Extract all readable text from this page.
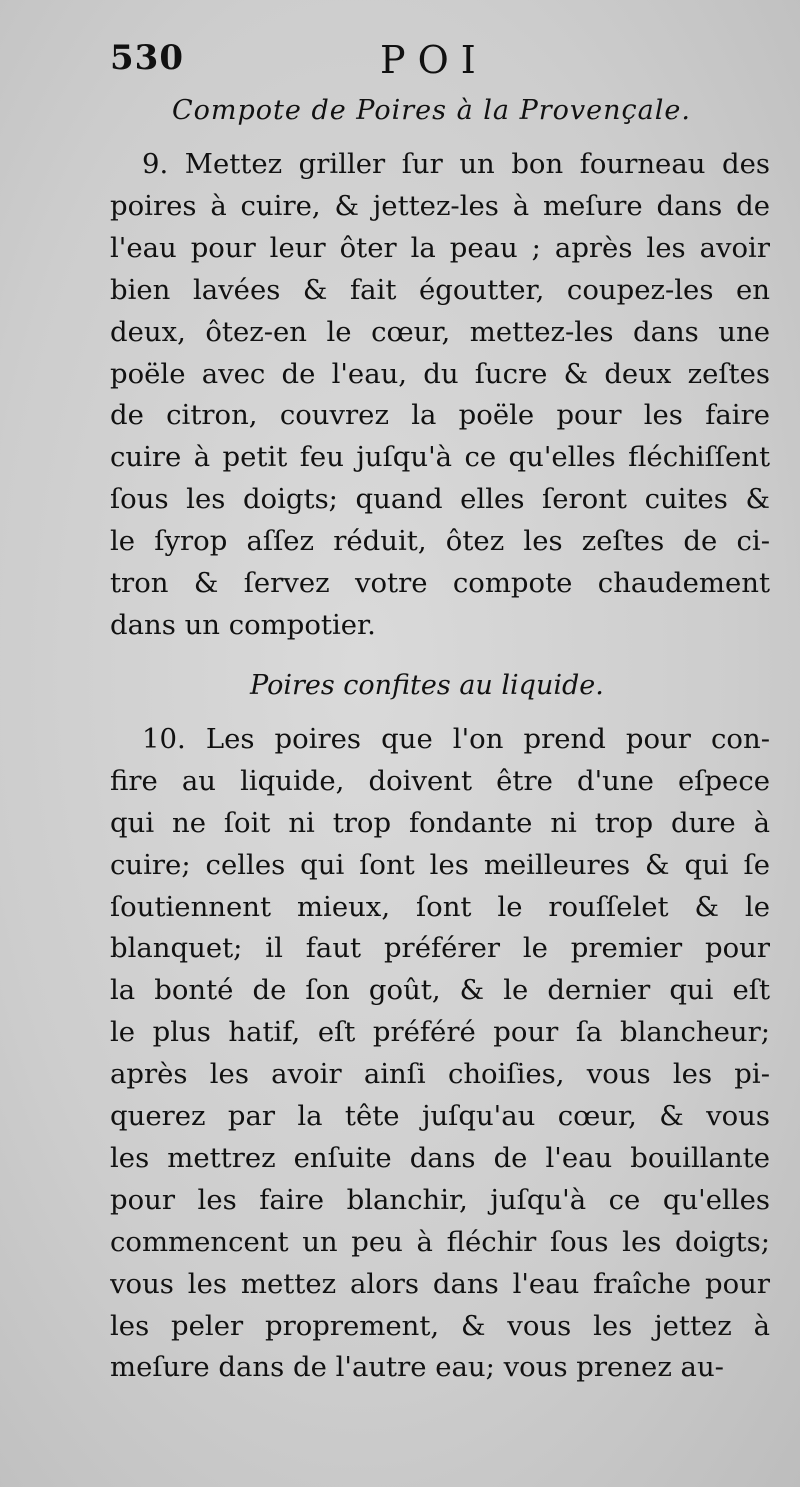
530	POI
Compote de Poires à la Provençale.
9. Mettez griller ſur un bon fourneau des
poires à cuire, & jettez-les à meſure dans de
l'eau pour leur ôter la peau ; après les avoir
bien lavées & fait égoutter, coupez-les en
deux, ôtez-en le cœur, mettez-les dans une
poële avec de l'eau, du ſucre & deux zeſtes
de citron, couvrez la poële pour les faire
cuire à petit feu juſqu'à ce qu'elles fléchiſſent
ſous les doigts; quand elles ſeront cuites &
le ſyrop aſſez réduit, ôtez les zeſtes de ci-
tron & ſervez votre compote chaudement
dans un compotier.
Poires confites au liquide.
10. Les poires que l'on prend pour con-
fire au liquide, doivent être d'une eſpece
qui ne ſoit ni trop fondante ni trop dure à
cuire; celles qui ſont les meilleures & qui ſe
ſoutiennent mieux, ſont le rouſſelet & le
blanquet; il faut préférer le premier pour
la bonté de ſon goût, & le dernier qui eſt
le plus hatif, eſt préféré pour ſa blancheur;
après les avoir ainſi choiſies, vous les pi-
querez par la tête juſqu'au cœur, & vous
les mettrez enſuite dans de l'eau bouillante
pour les faire blanchir, juſqu'à ce qu'elles
commencent un peu à fléchir ſous les doigts;
vous les mettez alors dans l'eau fraîche pour
les peler proprement, & vous les jettez à
meſure dans de l'autre eau; vous prenez au-
